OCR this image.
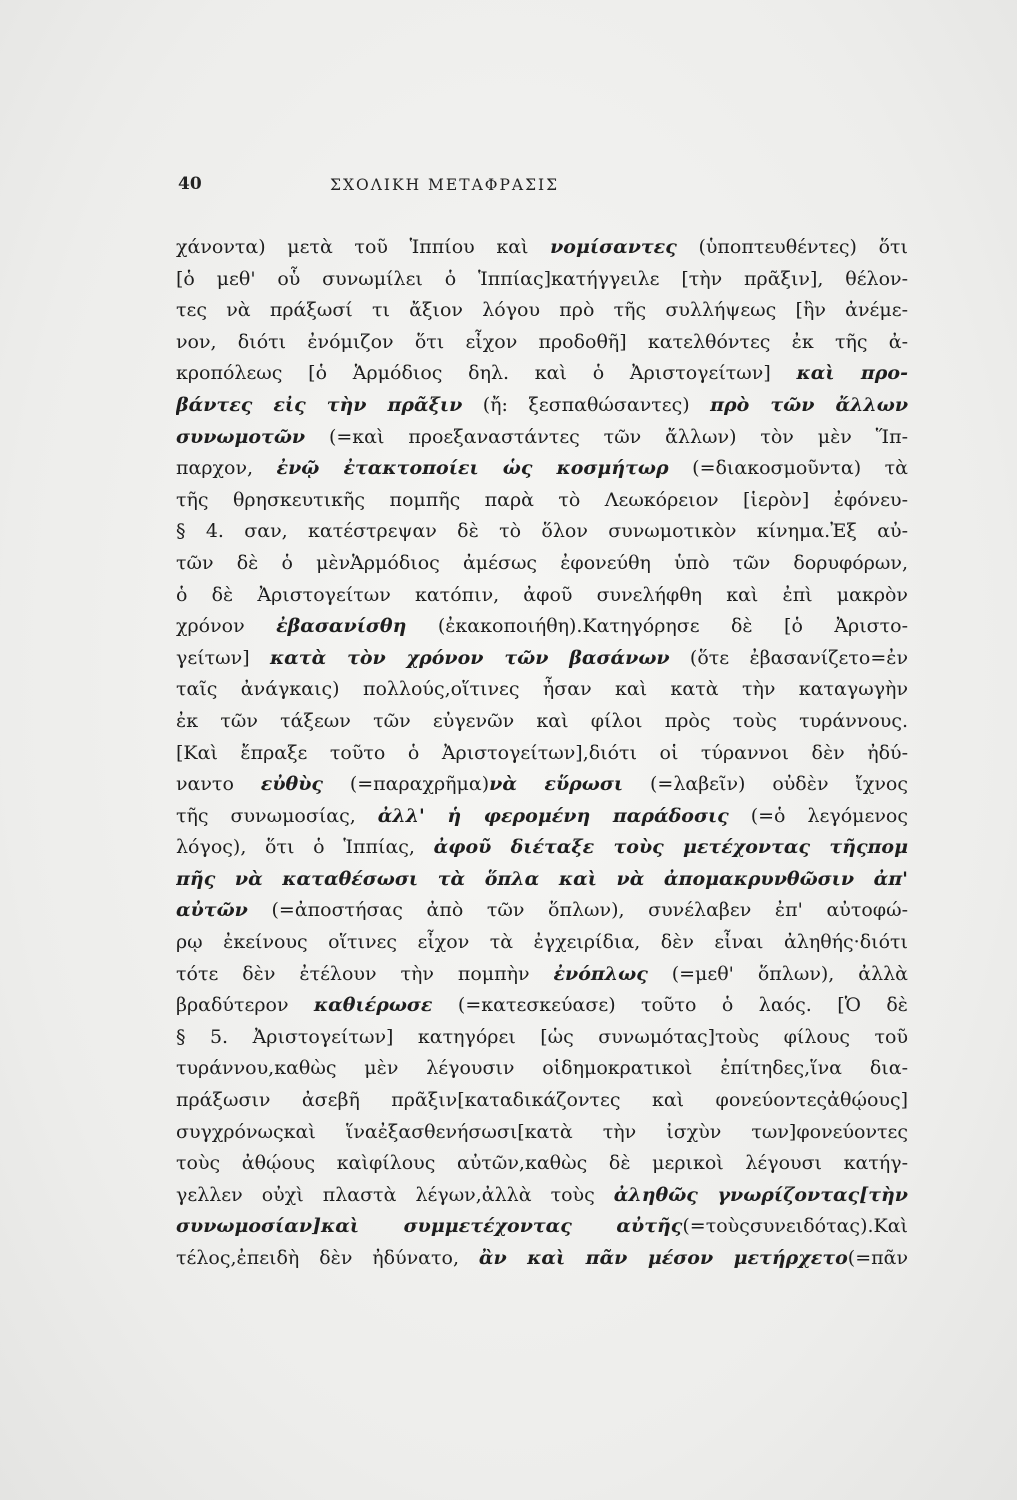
40	ΣΧΟΛΙΚΗ ΜΕΤΑΦΡΑΣΙΣ
χάνοντα) μετὰ τοῦ Ἱππίου καὶ νομίσαντες (ὑποπτευθέντες) ὅτι
[ὁ μεθ' οὗ συνωμίλει ὁ Ἱππίας]κατήγγειλε [τὴν πρᾶξιν], θέλον-
τες νὰ πράξωσί τι ἄξιον λόγου πρὸ τῆς συλλήψεως [ἣν ἀνέμε-
νον, διότι ἐνόμιζον ὅτι εἶχον προδοθῆ] κατελθόντες ἐκ τῆς ἀ-
κροπόλεως [ὁ Ἁρμόδιος δηλ. καὶ ὁ Ἀριστογείτων] καὶ προ-
βάντες εἰς τὴν πρᾶξιν (ἤ: ξεσπαθώσαντες) πρὸ τῶν ἄλλων
συνωμοτῶν (=καὶ προεξαναστάντες τῶν ἄλλων) τὸν μὲν Ἵπ-
παρχον, ἐνῷ ἐτακτοποίει ὡς κοσμήτωρ (=διακοσμοῦντα) τὰ
τῆς θρησκευτικῆς πομπῆς παρὰ τὸ Λεωκόρειον [ἱερὸν] ἐφόνευ-
§ 4. σαν, κατέστρεψαν δὲ τὸ ὅλον συνωμοτικὸν κίνημα.Ἐξ αὐ-
τῶν δὲ ὁ μὲνἉρμόδιος ἀμέσως ἐφονεύθη ὑπὸ τῶν δορυφόρων,
ὁ δὲ Ἀριστογείτων κατόπιν, ἀφοῦ συνελήφθη καὶ ἐπὶ μακρὸν
χρόνον ἐβασανίσθη (ἐκακοποιήθη).Κατηγόρησε δὲ [ὁ Ἀριστο-
γείτων] κατὰ τὸν χρόνον τῶν βασάνων (ὅτε ἐβασανίζετο=ἐν
ταῖς ἀνάγκαις) πολλούς,οἵτινες ἦσαν καὶ κατὰ τὴν καταγωγὴν
ἐκ τῶν τάξεων τῶν εὐγενῶν καὶ φίλοι πρὸς τοὺς τυράννους.
[Καὶ ἔπραξε τοῦτο ὁ Ἀριστογείτων],διότι οἱ τύραννοι δὲν ἠδύ-
ναντο εὐθὺς (=παραχρῆμα)νὰ εὕρωσι (=λαβεῖν) οὐδὲν ἴχνος
τῆς συνωμοσίας, ἀλλ' ἡ φερομένη παράδοσις (=ὁ λεγόμενος
λόγος), ὅτι ὁ Ἱππίας, ἀφοῦ διέταξε τοὺς μετέχοντας τῆςπομ
πῆς νὰ καταθέσωσι τὰ ὅπλα καὶ νὰ ἀπομακρυνθῶσιν ἀπ'
αὐτῶν (=ἀποστήσας ἀπὸ τῶν ὅπλων), συνέλαβεν ἐπ' αὐτοφώ-
ρῳ ἐκείνους οἵτινες εἶχον τὰ ἐγχειρίδια, δὲν εἶναι ἀληθής·διότι
τότε δὲν ἐτέλουν τὴν πομπὴν ἐνόπλως (=μεθ' ὅπλων), ἀλλὰ
βραδύτερον καθιέρωσε (=κατεσκεύασε) τοῦτο ὁ λαός. [Ὁ δὲ
§ 5. Ἀριστογείτων] κατηγόρει [ὡς συνωμότας]τοὺς φίλους τοῦ
τυράννου,καθὼς μὲν λέγουσιν οἱδημοκρατικοὶ ἐπίτηδες,ἵνα δια-
πράξωσιν ἀσεβῆ πρᾶξιν[καταδικάζοντες καὶ φονεύοντεςἀθῴους]
συγχρόνωςκαὶ ἵναἐξασθενήσωσι[κατὰ τὴν ἰσχὺν των]φονεύοντες
τοὺς ἀθῴους καὶφίλους αὐτῶν,καθὼς δὲ μερικοὶ λέγουσι κατήγ-
γελλεν οὐχὶ πλαστὰ λέγων,ἀλλὰ τοὺς ἀληθῶς γνωρίζοντας[τὴν
συνωμοσίαν]καὶ συμμετέχοντας αὐτῆς(=τοὺςσυνειδότας).Καὶ
τέλος,ἐπειδὴ δὲν ἠδύνατο, ἂν καὶ πᾶν μέσον μετήρχετο(=πᾶν
